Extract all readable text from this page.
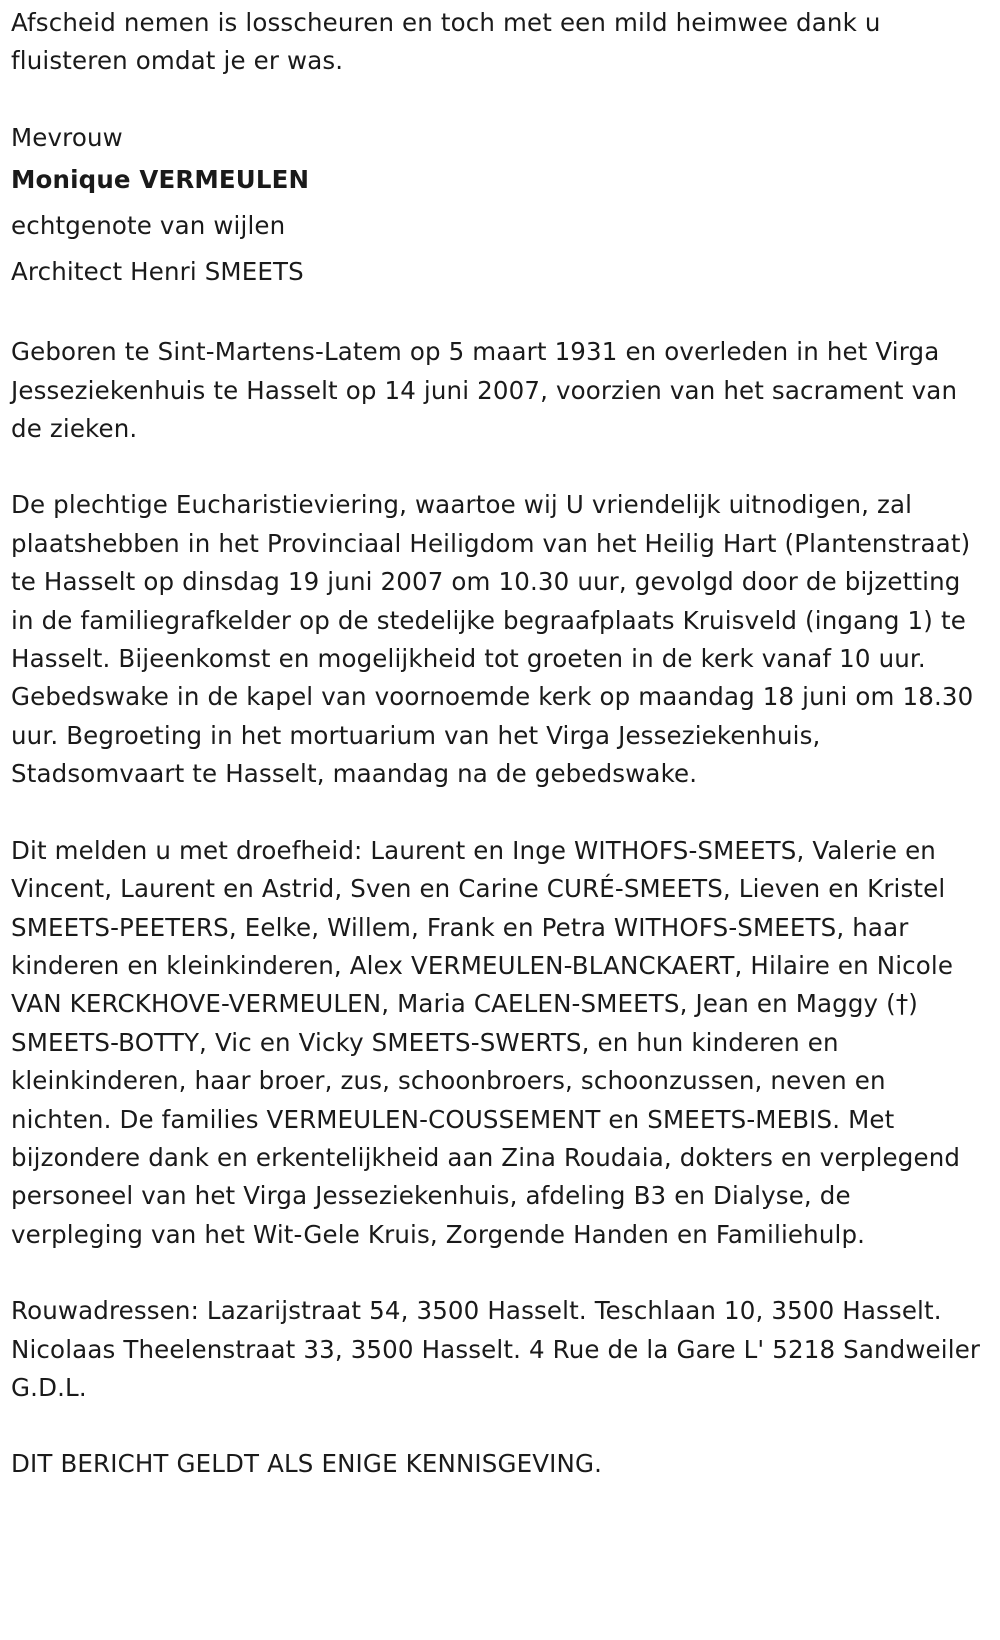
Afscheid nemen is losscheuren en toch met een mild heimwee dank u fluisteren omdat je er was.

Mevrouw

Monique VERMEULEN

echtgenote van wijlen

Architect Henri SMEETS

Geboren te Sint-Martens-Latem op 5 maart 1931 en overleden in het Virga Jesseziekenhuis te Hasselt op 14 juni 2007, voorzien van het sacrament van de zieken.

De plechtige Eucharistieviering, waartoe wij U vriendelijk uitnodigen, zal plaatshebben in het Provinciaal Heiligdom van het Heilig Hart (Plantenstraat) te Hasselt op dinsdag 19 juni 2007 om 10.30 uur, gevolgd door de bijzetting in de familiegrafkelder op de stedelijke begraafplaats Kruisveld (ingang 1) te Hasselt. Bijeenkomst en mogelijkheid tot groeten in de kerk vanaf 10 uur. Gebedswake in de kapel van voornoemde kerk op maandag 18 juni om 18.30 uur. Begroeting in het mortuarium van het Virga Jesseziekenhuis, Stadsomvaart te Hasselt, maandag na de gebedswake.

Dit melden u met droefheid: Laurent en Inge WITHOFS-SMEETS, Valerie en Vincent, Laurent en Astrid, Sven en Carine CURÉ-SMEETS, Lieven en Kristel SMEETS-PEETERS, Eelke, Willem, Frank en Petra WITHOFS-SMEETS, haar kinderen en kleinkinderen, Alex VERMEULEN-BLANCKAERT, Hilaire en Nicole VAN KERCKHOVE-VERMEULEN, Maria CAELEN-SMEETS, Jean en Maggy (†) SMEETS-BOTTY, Vic en Vicky SMEETS-SWERTS, en hun kinderen en kleinkinderen, haar broer, zus, schoonbroers, schoonzussen, neven en nichten. De families VERMEULEN-COUSSEMENT en SMEETS-MEBIS. Met bijzondere dank en erkentelijkheid aan Zina Roudaia, dokters en verplegend personeel van het Virga Jesseziekenhuis, afdeling B3 en Dialyse, de verpleging van het Wit-Gele Kruis, Zorgende Handen en Familiehulp.

Rouwadressen: Lazarijstraat 54, 3500 Hasselt. Teschlaan 10, 3500 Hasselt. Nicolaas Theelenstraat 33, 3500 Hasselt. 4 Rue de la Gare L' 5218 Sandweiler G.D.L.

DIT BERICHT GELDT ALS ENIGE KENNISGEVING.
